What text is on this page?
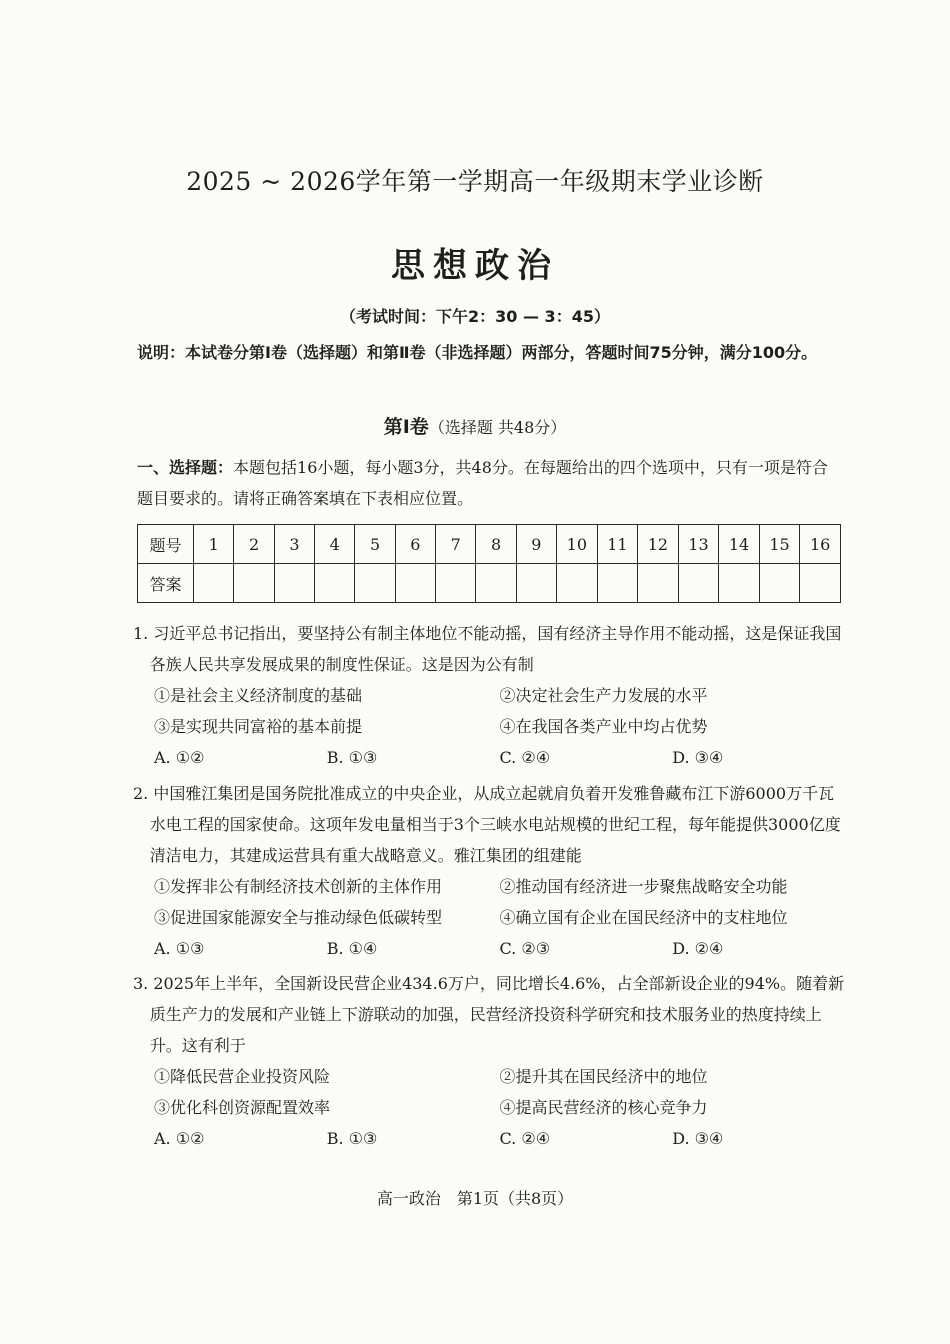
2025 ~ 2026学年第一学期高一年级期末学业诊断
思想政治
（考试时间：下午2：30 — 3：45）
说明：本试卷分第Ⅰ卷（选择题）和第Ⅱ卷（非选择题）两部分，答题时间75分钟，满分100分。
第Ⅰ卷（选择题 共48分）
一、选择题：本题包括16小题，每小题3分，共48分。在每题给出的四个选项中，只有一项是符合题目要求的。请将正确答案填在下表相应位置。
题号	1	2	3	4	5	6	7	8	9	10	11	12	13	14	15	16
答案																
1. 习近平总书记指出，要坚持公有制主体地位不能动摇，国有经济主导作用不能动摇，这是保证我国各族人民共享发展成果的制度性保证。这是因为公有制
①是社会主义经济制度的基础	②决定社会生产力发展的水平
③是实现共同富裕的基本前提	④在我国各类产业中均占优势
A. ①②	B. ①③	C. ②④	D. ③④
2. 中国雅江集团是国务院批准成立的中央企业，从成立起就肩负着开发雅鲁藏布江下游6000万千瓦水电工程的国家使命。这项年发电量相当于3个三峡水电站规模的世纪工程，每年能提供3000亿度清洁电力，其建成运营具有重大战略意义。雅江集团的组建能
①发挥非公有制经济技术创新的主体作用	②推动国有经济进一步聚焦战略安全功能
③促进国家能源安全与推动绿色低碳转型	④确立国有企业在国民经济中的支柱地位
A. ①③	B. ①④	C. ②③	D. ②④
3. 2025年上半年，全国新设民营企业434.6万户，同比增长4.6%，占全部新设企业的94%。随着新质生产力的发展和产业链上下游联动的加强，民营经济投资科学研究和技术服务业的热度持续上升。这有利于
①降低民营企业投资风险	②提升其在国民经济中的地位
③优化科创资源配置效率	④提高民营经济的核心竞争力
A. ①②	B. ①③	C. ②④	D. ③④
高一政治　第1页（共8页）
